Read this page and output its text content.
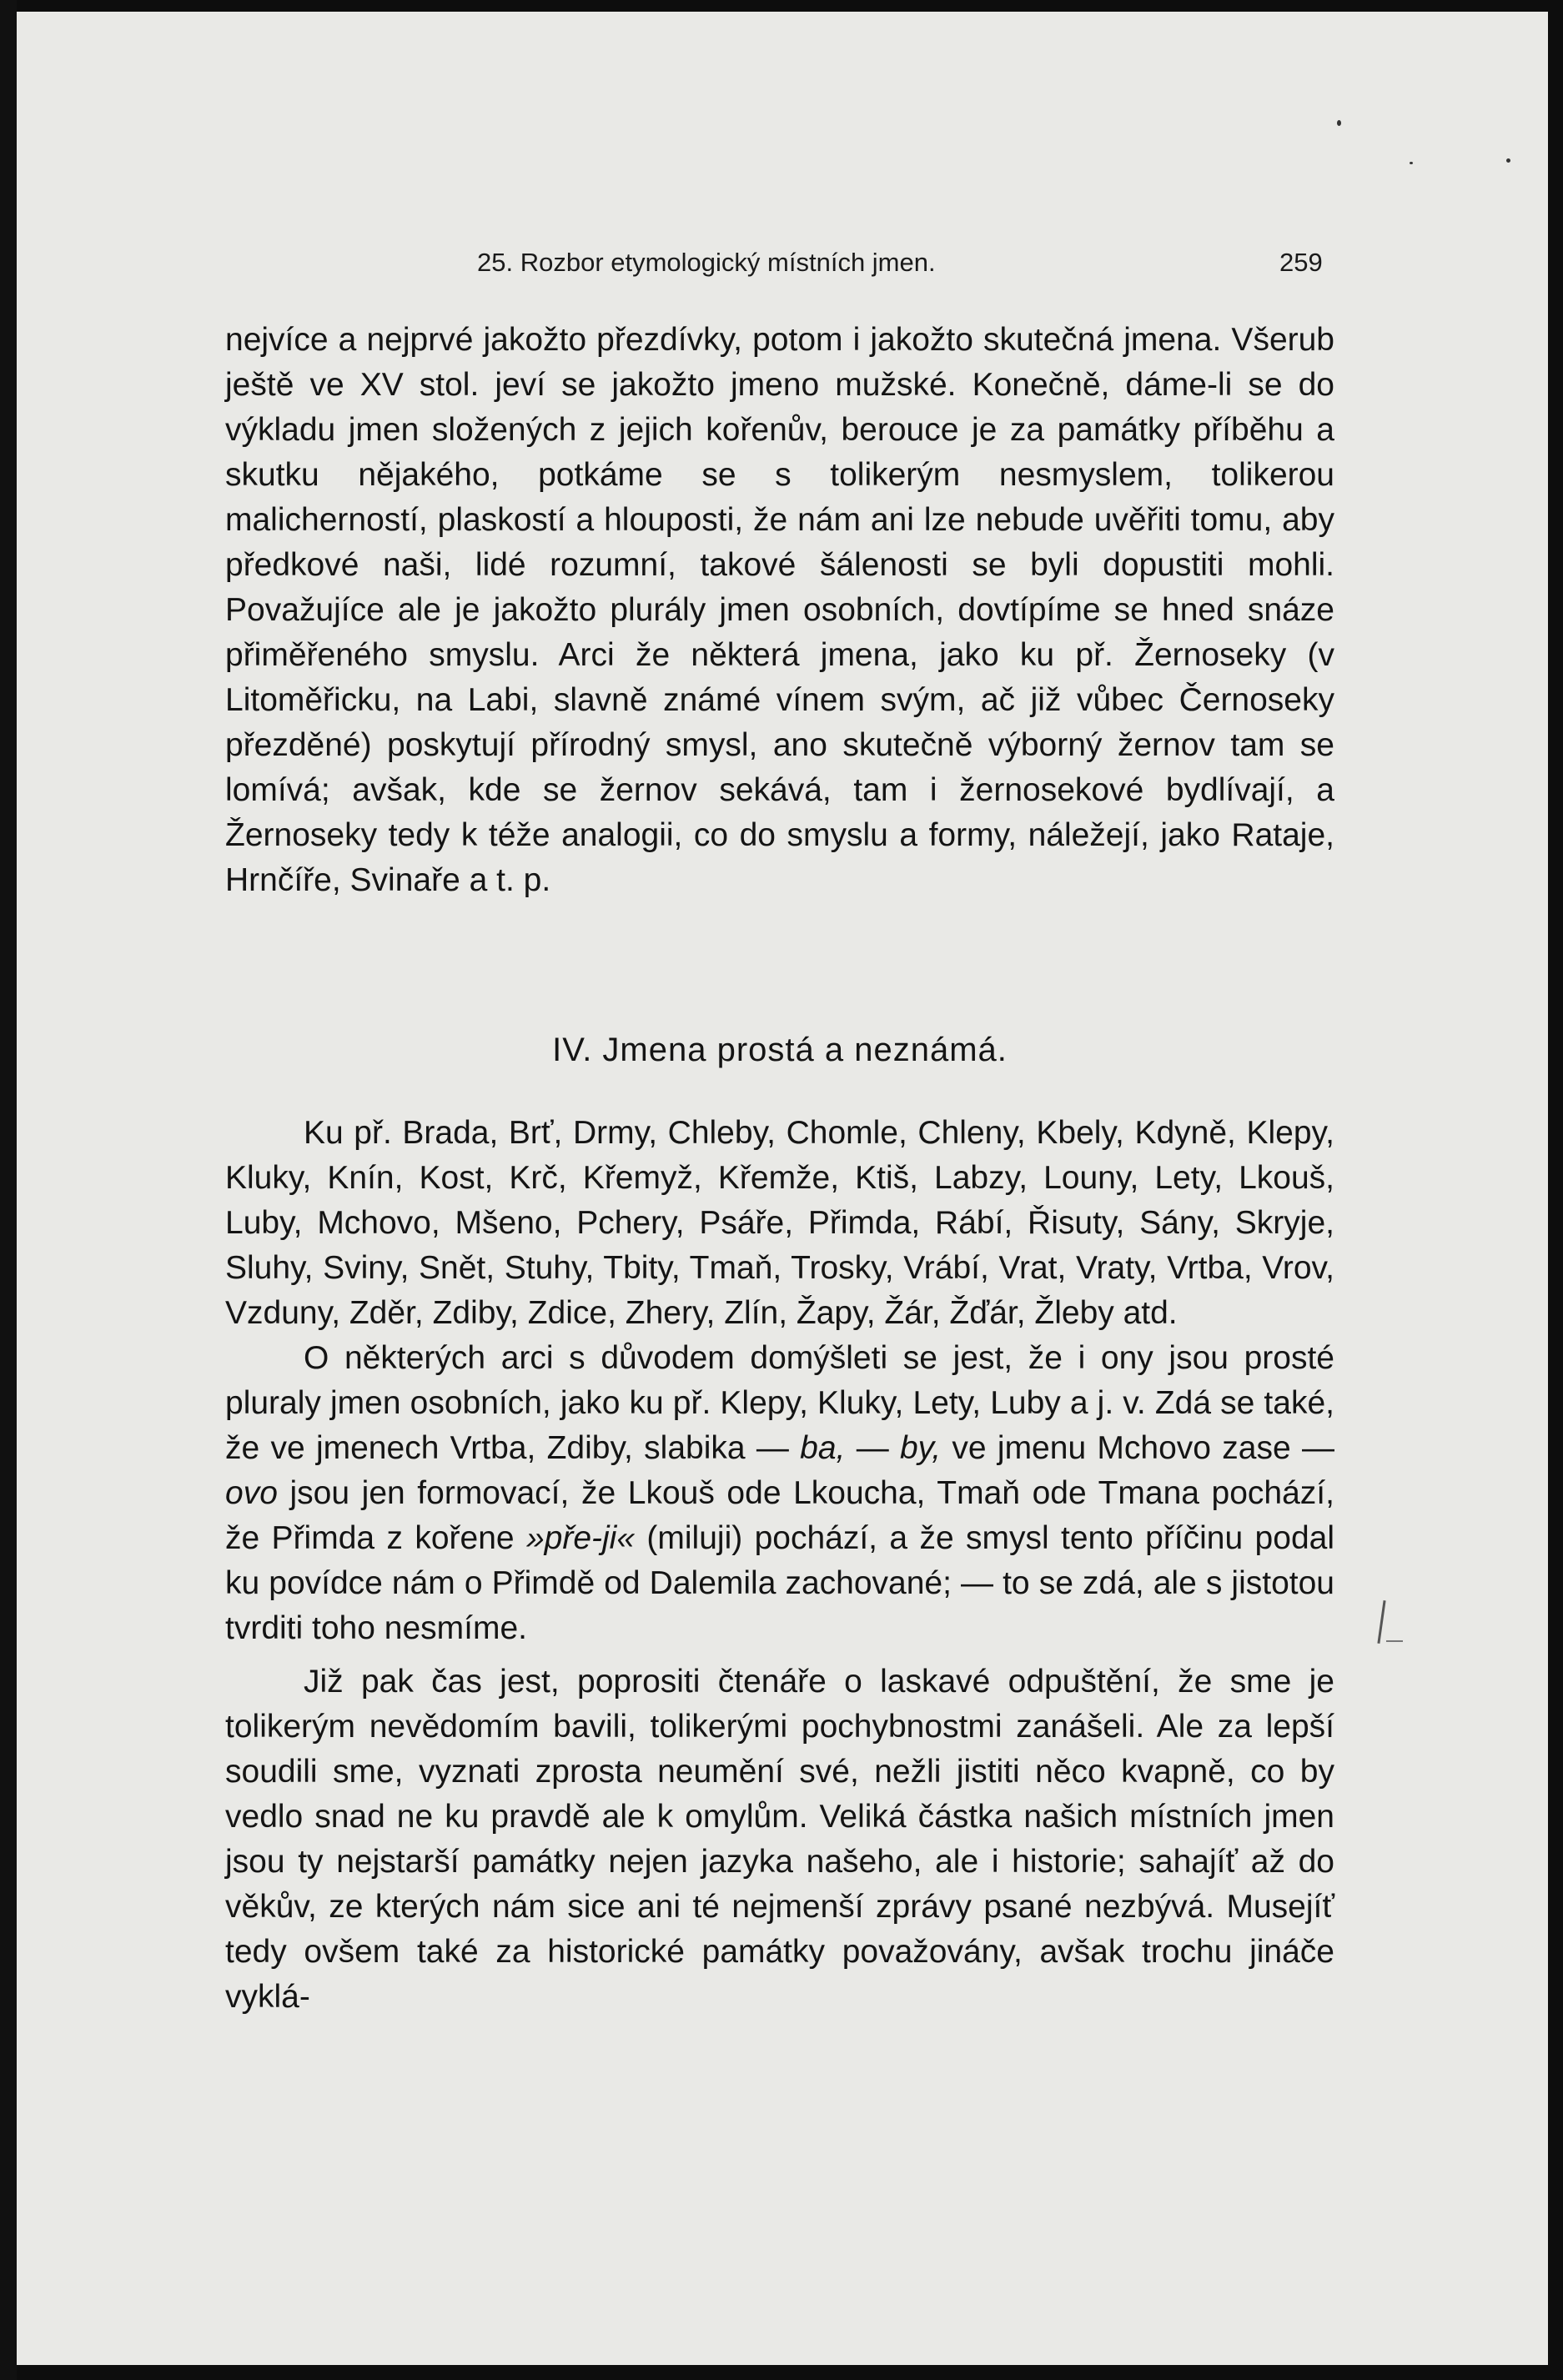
25. Rozbor etymologický místních jmen.	259

nejvíce a nejprvé jakožto přezdívky, potom i jakožto skutečná jmena. Všerub ještě ve XV stol. jeví se jakožto jmeno mužské. Konečně, dáme-li se do výkladu jmen složených z jejich kořenův, berouce je za památky příběhu a skutku nějakého, potkáme se s tolikerým nesmyslem, tolikerou malicherností, plaskostí a hlouposti, že nám ani lze nebude uvěřiti tomu, aby předkové naši, lidé rozumní, takové šálenosti se byli dopustiti mohli. Považujíce ale je jakožto plurály jmen osobních, dovtípíme se hned snáze přiměřeného smyslu. Arci že některá jmena, jako ku př. Žernoseky (v Litoměřicku, na Labi, slavně známé vínem svým, ač již vůbec Černoseky přezděné) poskytují přírodný smysl, ano skutečně výborný žernov tam se lomívá; avšak, kde se žernov sekává, tam i žernosekové bydlívají, a Žernoseky tedy k téže analogii, co do smyslu a formy, náležejí, jako Rataje, Hrnčíře, Svinaře a t. p.

IV. Jmena prostá a neznámá.

Ku př. Brada, Brť, Drmy, Chleby, Chomle, Chleny, Kbely, Kdyně, Klepy, Kluky, Knín, Kost, Krč, Křemyž, Křemže, Ktiš, Labzy, Louny, Lety, Lkouš, Luby, Mchovo, Mšeno, Pchery, Psáře, Přimda, Rábí, Řisuty, Sány, Skryje, Sluhy, Sviny, Snět, Stuhy, Tbity, Tmaň, Trosky, Vrábí, Vrat, Vraty, Vrtba, Vrov, Vzduny, Zděr, Zdiby, Zdice, Zhery, Zlín, Žapy, Žár, Žďár, Žleby atd.

O některých arci s důvodem domýšleti se jest, že i ony jsou prosté pluraly jmen osobních, jako ku př. Klepy, Kluky, Lety, Luby a j. v. Zdá se také, že ve jmenech Vrtba, Zdiby, slabika — ba, — by, ve jmenu Mchovo zase — ovo jsou jen formovací, že Lkouš ode Lkoucha, Tmaň ode Tmana pochází, že Přimda z kořene »pře-ji« (miluji) pochází, a že smysl tento příčinu podal ku povídce nám o Přimdě od Dalemila zachované; — to se zdá, ale s jistotou tvrditi toho nesmíme.

Již pak čas jest, poprositi čtenáře o laskavé odpuštění, že sme je tolikerým nevědomím bavili, tolikerými pochybnostmi zanášeli. Ale za lepší soudili sme, vyznati zprosta neumění své, nežli jistiti něco kvapně, co by vedlo snad ne ku pravdě ale k omylům. Veliká částka našich místních jmen jsou ty nejstarší památky nejen jazyka našeho, ale i historie; sahajíť až do věkův, ze kterých nám sice ani té nejmenší zprávy psané nezbývá. Musejíť tedy ovšem také za historické památky považovány, avšak trochu jináče vyklá-
